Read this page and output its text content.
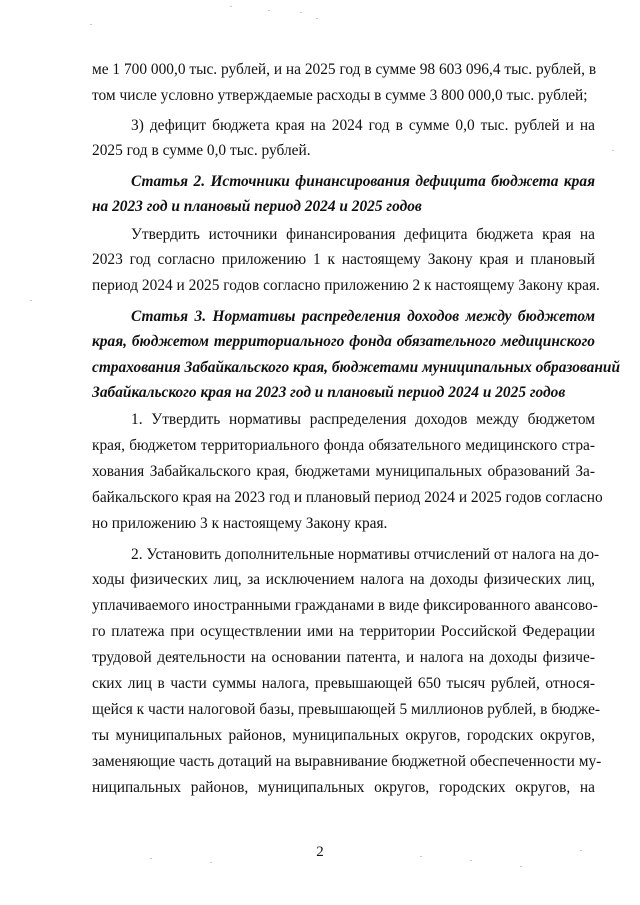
ме 1 700 000,0 тыс. рублей, и на 2025 год в сумме 98 603 096,4 тыс. рублей, в
том числе условно утверждаемые расходы в сумме 3 800 000,0 тыс. рублей;
3) дефицит бюджета края на 2024 год в сумме 0,0 тыс. рублей и на
2025 год в сумме 0,0 тыс. рублей.
Статья 2. Источники финансирования дефицита бюджета края
на 2023 год и плановый период 2024 и 2025 годов
Утвердить источники финансирования дефицита бюджета края на
2023 год согласно приложению 1 к настоящему Закону края и плановый
период 2024 и 2025 годов согласно приложению 2 к настоящему Закону края.
Статья 3. Нормативы распределения доходов между бюджетом
края, бюджетом территориального фонда обязательного медицинского
страхования Забайкальского края, бюджетами муниципальных образований
Забайкальского края на 2023 год и плановый период 2024 и 2025 годов
1. Утвердить нормативы распределения доходов между бюджетом
края, бюджетом территориального фонда обязательного медицинского стра-
хования Забайкальского края, бюджетами муниципальных образований За-
байкальского края на 2023 год и плановый период 2024 и 2025 годов согласно
но приложению 3 к настоящему Закону края.
2. Установить дополнительные нормативы отчислений от налога на до-
ходы физических лиц, за исключением налога на доходы физических лиц,
уплачиваемого иностранными гражданами в виде фиксированного авансово-
го платежа при осуществлении ими на территории Российской Федерации
трудовой деятельности на основании патента, и налога на доходы физиче-
ских лиц в части суммы налога, превышающей 650 тысяч рублей, относя-
щейся к части налоговой базы, превышающей 5 миллионов рублей, в бюдже-
ты муниципальных районов, муниципальных округов, городских округов,
заменяющие часть дотаций на выравнивание бюджетной обеспеченности му-
ниципальных районов, муниципальных округов, городских округов, на
2
